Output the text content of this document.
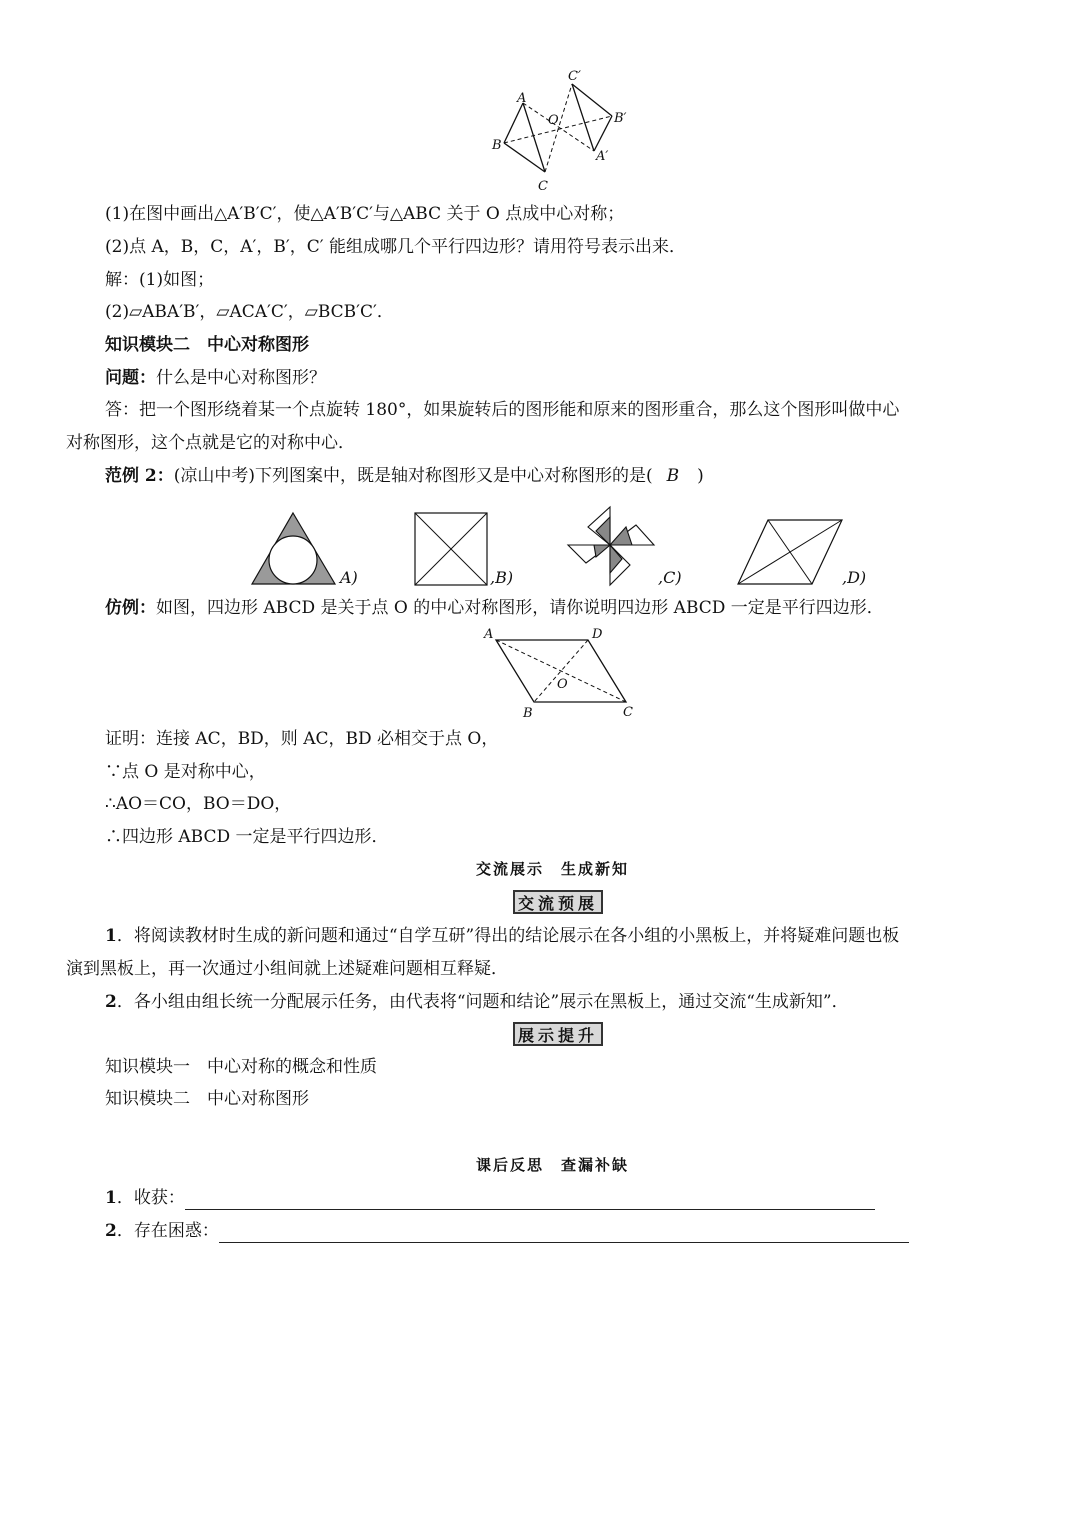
C′
A
B′
O
B
A′
C
(1)在图中画出△A′B′C′，使△A′B′C′与△ABC 关于 O 点成中心对称；
(2)点 A，B，C，A′，B′，C′ 能组成哪几个平行四边形？请用符号表示出来．
解：(1)如图；
(2)▱ABA′B′，▱ACA′C′，▱BCB′C′．
知识模块二　中心对称图形
问题：什么是中心对称图形？
答：把一个图形绕着某一个点旋转 180°，如果旋转后的图形能和原来的图形重合，那么这个图形叫做中心
对称图形，这个点就是它的对称中心．
范例 2：(凉山中考)下列图案中，既是轴对称图形又是中心对称图形的是( B )
A)	,B)	,C)	,D)
仿例：如图，四边形 ABCD 是关于点 O 的中心对称图形，请你说明四边形 ABCD 一定是平行四边形．
A	D
O
B	C
证明：连接 AC，BD，则 AC，BD 必相交于点 O，
∵点 O 是对称中心，
∴AO＝CO，BO＝DO，
∴四边形 ABCD 一定是平行四边形．
交流展示　生成新知
交流预展
1．将阅读教材时生成的新问题和通过“自学互研”得出的结论展示在各小组的小黑板上，并将疑难问题也板
演到黑板上，再一次通过小组间就上述疑难问题相互释疑．
2．各小组由组长统一分配展示任务，由代表将“问题和结论”展示在黑板上，通过交流“生成新知”．
展示提升
知识模块一　中心对称的概念和性质
知识模块二　中心对称图形
课后反思　查漏补缺
1．收获：
2．存在困惑：
